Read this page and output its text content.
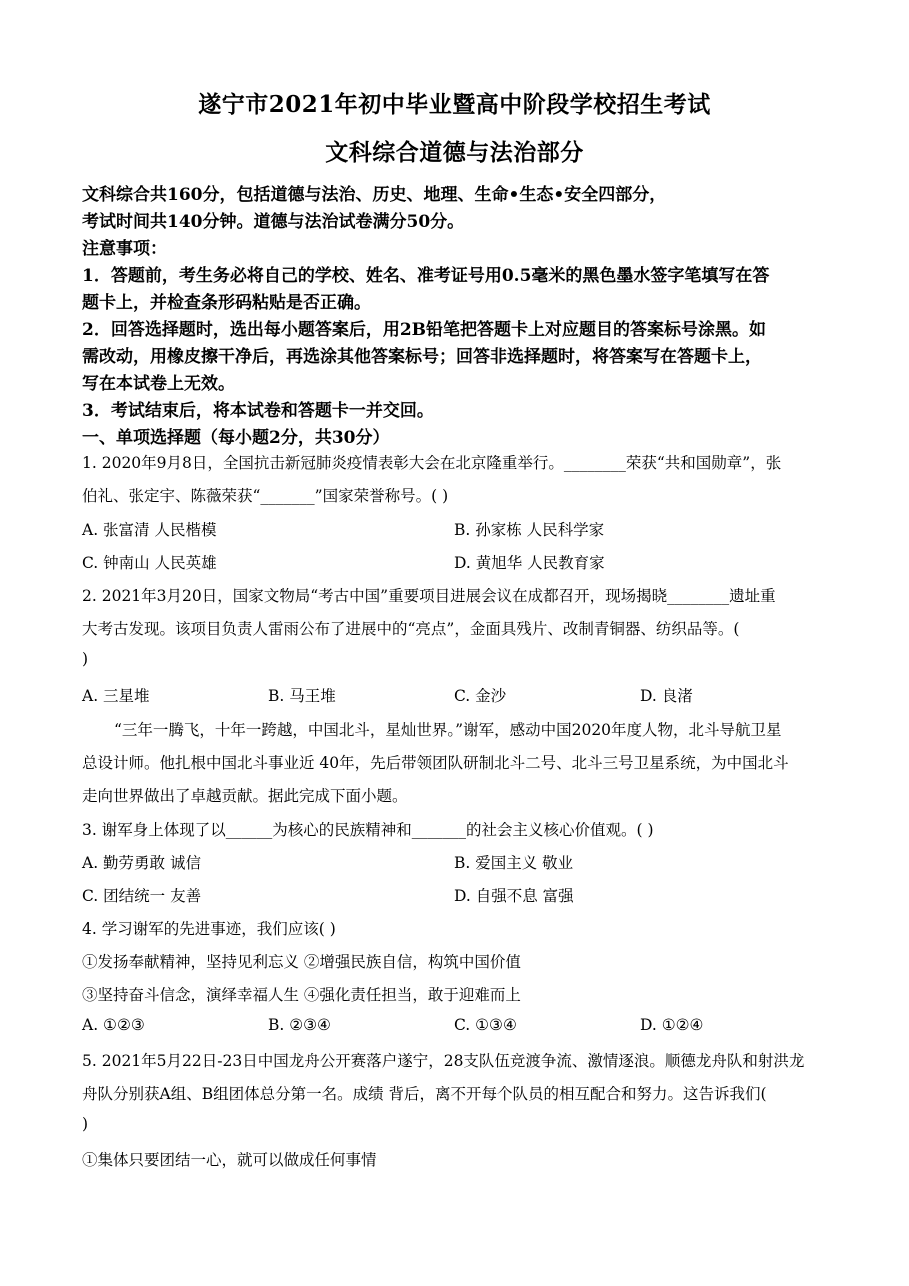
遂宁市2021年初中毕业暨高中阶段学校招生考试
文科综合道德与法治部分
文科综合共160分，包括道德与法治、历史、地理、生命•生态•安全四部分，
考试时间共140分钟。道德与法治试卷满分50分。
注意事项：
1．答题前，考生务必将自己的学校、姓名、准考证号用0.5毫米的黑色墨水签字笔填写在答
题卡上，并检查条形码粘贴是否正确。
2．回答选择题时，选出每小题答案后，用2B铅笔把答题卡上对应题目的答案标号涂黑。如
需改动，用橡皮擦干净后，再选涂其他答案标号；回答非选择题时，将答案写在答题卡上，
写在本试卷上无效。
3．考试结束后，将本试卷和答题卡一并交回。
一、单项选择题（每小题2分，共30分）
1. 2020年9月8日，全国抗击新冠肺炎疫情表彰大会在北京隆重举行。________荣获“共和国勋章”，张
伯礼、张定宇、陈薇荣获“_______”国家荣誉称号。( )
A. 张富清 人民楷模	B. 孙家栋 人民科学家
C. 钟南山 人民英雄	D. 黄旭华 人民教育家
2. 2021年3月20日，国家文物局“考古中国”重要项目进展会议在成都召开，现场揭晓________遗址重
大考古发现。该项目负责人雷雨公布了进展中的“亮点”，金面具残片、改制青铜器、纺织品等。(
)
A. 三星堆	B. 马王堆	C. 金沙	D. 良渚
“三年一腾飞，十年一跨越，中国北斗，星灿世界。”谢军，感动中国2020年度人物，北斗导航卫星
总设计师。他扎根中国北斗事业近 40年，先后带领团队研制北斗二号、北斗三号卫星系统，为中国北斗
走向世界做出了卓越贡献。据此完成下面小题。
3. 谢军身上体现了以______为核心的民族精神和_______的社会主义核心价值观。( )
A. 勤劳勇敢 诚信	B. 爱国主义 敬业
C. 团结统一 友善	D. 自强不息 富强
4. 学习谢军的先进事迹，我们应该( )
①发扬奉献精神，坚持见利忘义 ②增强民族自信，构筑中国价值
③坚持奋斗信念，演绎幸福人生 ④强化责任担当，敢于迎难而上
A. ①②③	B. ②③④	C. ①③④	D. ①②④
5. 2021年5月22日-23日中国龙舟公开赛落户遂宁，28支队伍竞渡争流、激情逐浪。顺德龙舟队和射洪龙
舟队分别获A组、B组团体总分第一名。成绩 背后，离不开每个队员的相互配合和努力。这告诉我们(
)
①集体只要团结一心，就可以做成任何事情
